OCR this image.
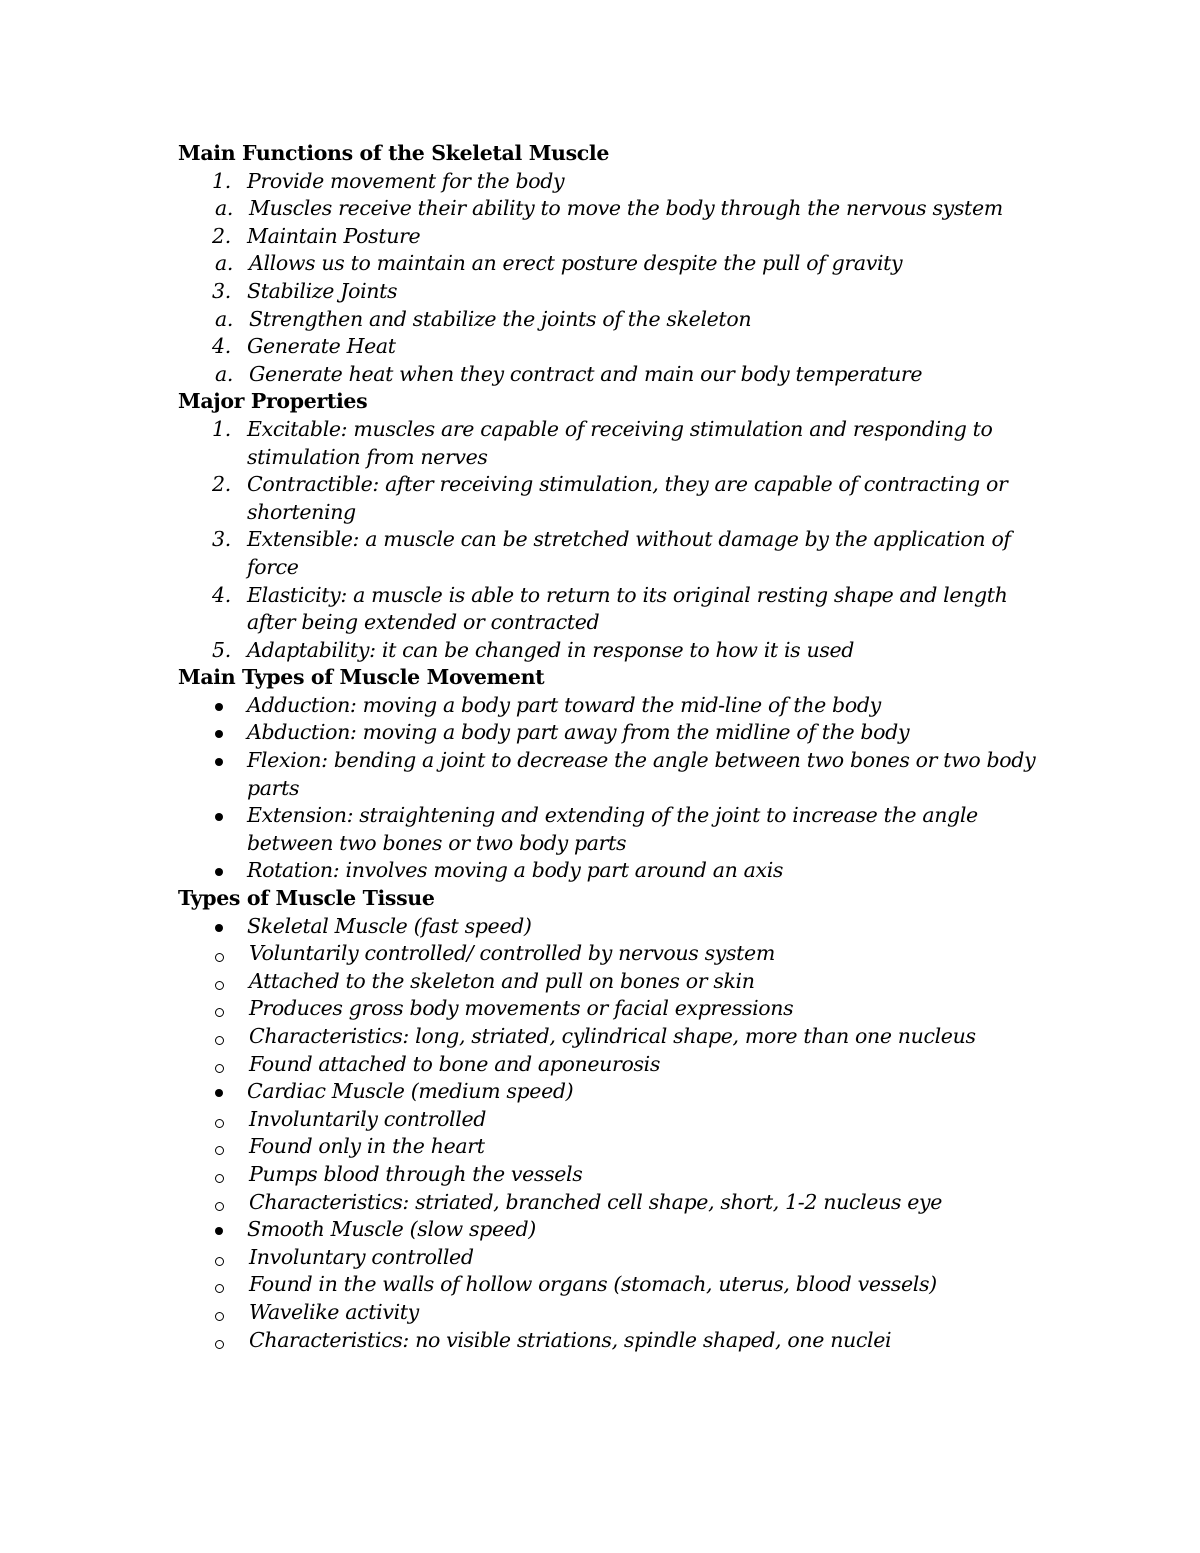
Main Functions of the Skeletal Muscle
1. Provide movement for the body
a. Muscles receive their ability to move the body through the nervous system
2. Maintain Posture
a. Allows us to maintain an erect posture despite the pull of gravity
3. Stabilize Joints
a. Strengthen and stabilize the joints of the skeleton
4. Generate Heat
a. Generate heat when they contract and main our body temperature
Major Properties
1. Excitable: muscles are capable of receiving stimulation and responding to stimulation from nerves
2. Contractible: after receiving stimulation, they are capable of contracting or shortening
3. Extensible: a muscle can be stretched without damage by the application of force
4. Elasticity: a muscle is able to return to its original resting shape and length after being extended or contracted
5. Adaptability: it can be changed in response to how it is used
Main Types of Muscle Movement
Adduction: moving a body part toward the mid-line of the body
Abduction: moving a body part away from the midline of the body
Flexion: bending a joint to decrease the angle between two bones or two body parts
Extension: straightening and extending of the joint to increase the angle between two bones or two body parts
Rotation: involves moving a body part around an axis
Types of Muscle Tissue
Skeletal Muscle (fast speed)
Voluntarily controlled/ controlled by nervous system
Attached to the skeleton and pull on bones or skin
Produces gross body movements or facial expressions
Characteristics: long, striated, cylindrical shape, more than one nucleus
Found attached to bone and aponeurosis
Cardiac Muscle (medium speed)
Involuntarily controlled
Found only in the heart
Pumps blood through the vessels
Characteristics: striated, branched cell shape, short, 1-2 nucleus eye
Smooth Muscle (slow speed)
Involuntary controlled
Found in the walls of hollow organs (stomach, uterus, blood vessels)
Wavelike activity
Characteristics: no visible striations, spindle shaped, one nuclei
